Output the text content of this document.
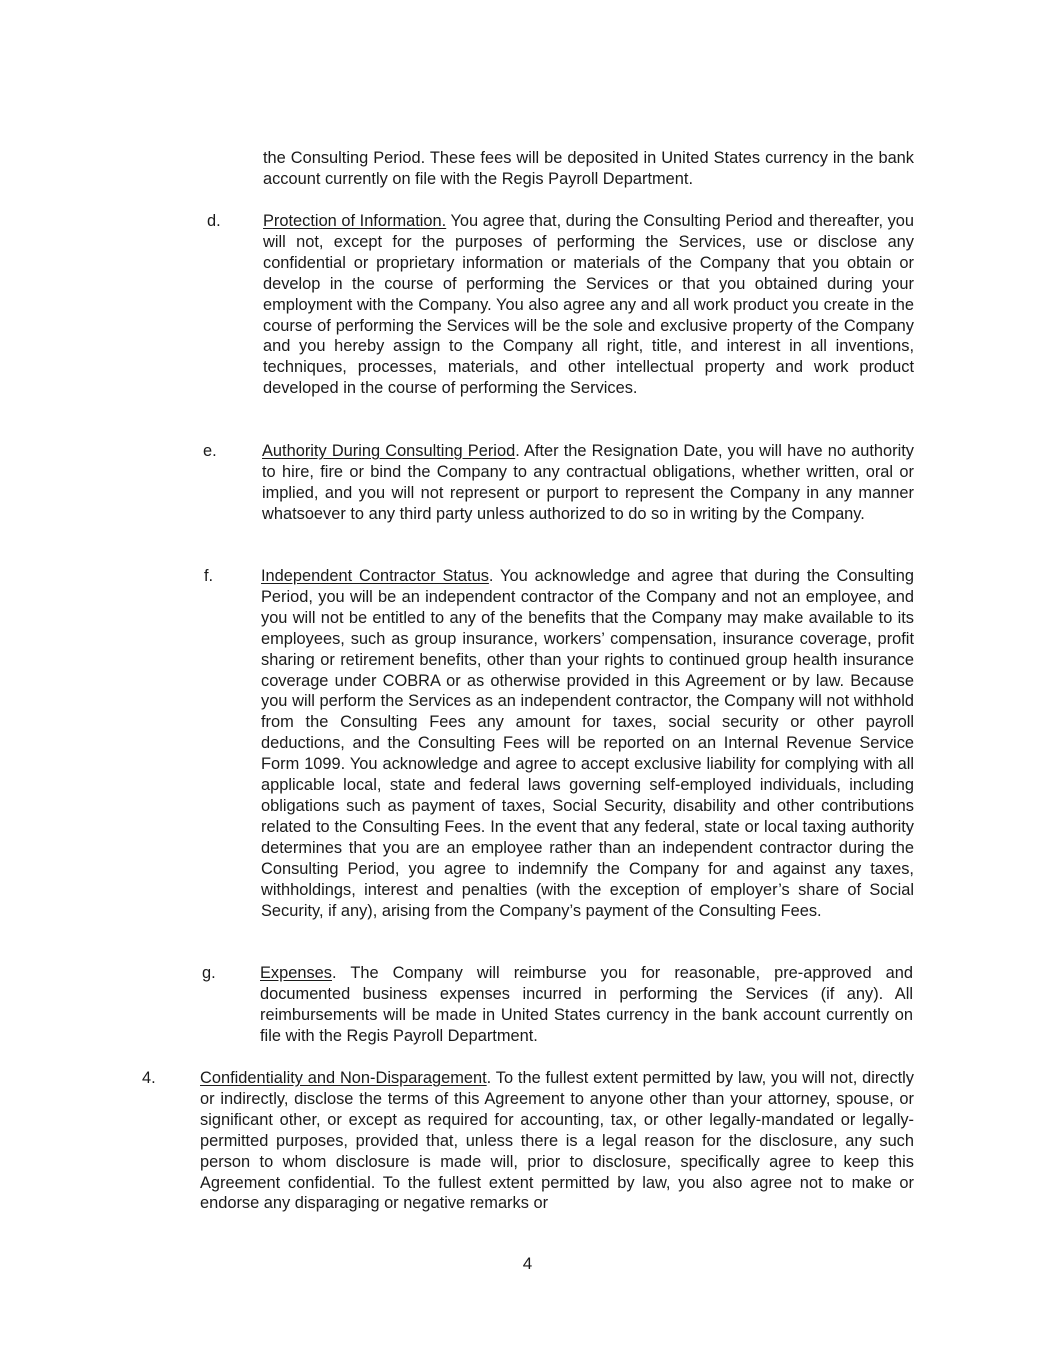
the Consulting Period. These fees will be deposited in United States currency in the bank account currently on file with the Regis Payroll Department.

d.	Protection of Information. You agree that, during the Consulting Period and thereafter, you will not, except for the purposes of performing the Services, use or disclose any confidential or proprietary information or materials of the Company that you obtain or develop in the course of performing the Services or that you obtained during your employment with the Company. You also agree any and all work product you create in the course of performing the Services will be the sole and exclusive property of the Company and you hereby assign to the Company all right, title, and interest in all inventions, techniques, processes, materials, and other intellectual property and work product developed in the course of performing the Services.

e.	Authority During Consulting Period. After the Resignation Date, you will have no authority to hire, fire or bind the Company to any contractual obligations, whether written, oral or implied, and you will not represent or purport to represent the Company in any manner whatsoever to any third party unless authorized to do so in writing by the Company.

f.	Independent Contractor Status. You acknowledge and agree that during the Consulting Period, you will be an independent contractor of the Company and not an employee, and you will not be entitled to any of the benefits that the Company may make available to its employees, such as group insurance, workers’ compensation, insurance coverage, profit sharing or retirement benefits, other than your rights to continued group health insurance coverage under COBRA or as otherwise provided in this Agreement or by law. Because you will perform the Services as an independent contractor, the Company will not withhold from the Consulting Fees any amount for taxes, social security or other payroll deductions, and the Consulting Fees will be reported on an Internal Revenue Service Form 1099. You acknowledge and agree to accept exclusive liability for complying with all applicable local, state and federal laws governing self-employed individuals, including obligations such as payment of taxes, Social Security, disability and other contributions related to the Consulting Fees. In the event that any federal, state or local taxing authority determines that you are an employee rather than an independent contractor during the Consulting Period, you agree to indemnify the Company for and against any taxes, withholdings, interest and penalties (with the exception of employer’s share of Social Security, if any), arising from the Company’s payment of the Consulting Fees.

g.	Expenses. The Company will reimburse you for reasonable, pre-approved and documented business expenses incurred in performing the Services (if any). All reimbursements will be made in United States currency in the bank account currently on file with the Regis Payroll Department.

4.	Confidentiality and Non-Disparagement. To the fullest extent permitted by law, you will not, directly or indirectly, disclose the terms of this Agreement to anyone other than your attorney, spouse, or significant other, or except as required for accounting, tax, or other legally-mandated or legally-permitted purposes, provided that, unless there is a legal reason for the disclosure, any such person to whom disclosure is made will, prior to disclosure, specifically agree to keep this Agreement confidential. To the fullest extent permitted by law, you also agree not to make or endorse any disparaging or negative remarks or

4
